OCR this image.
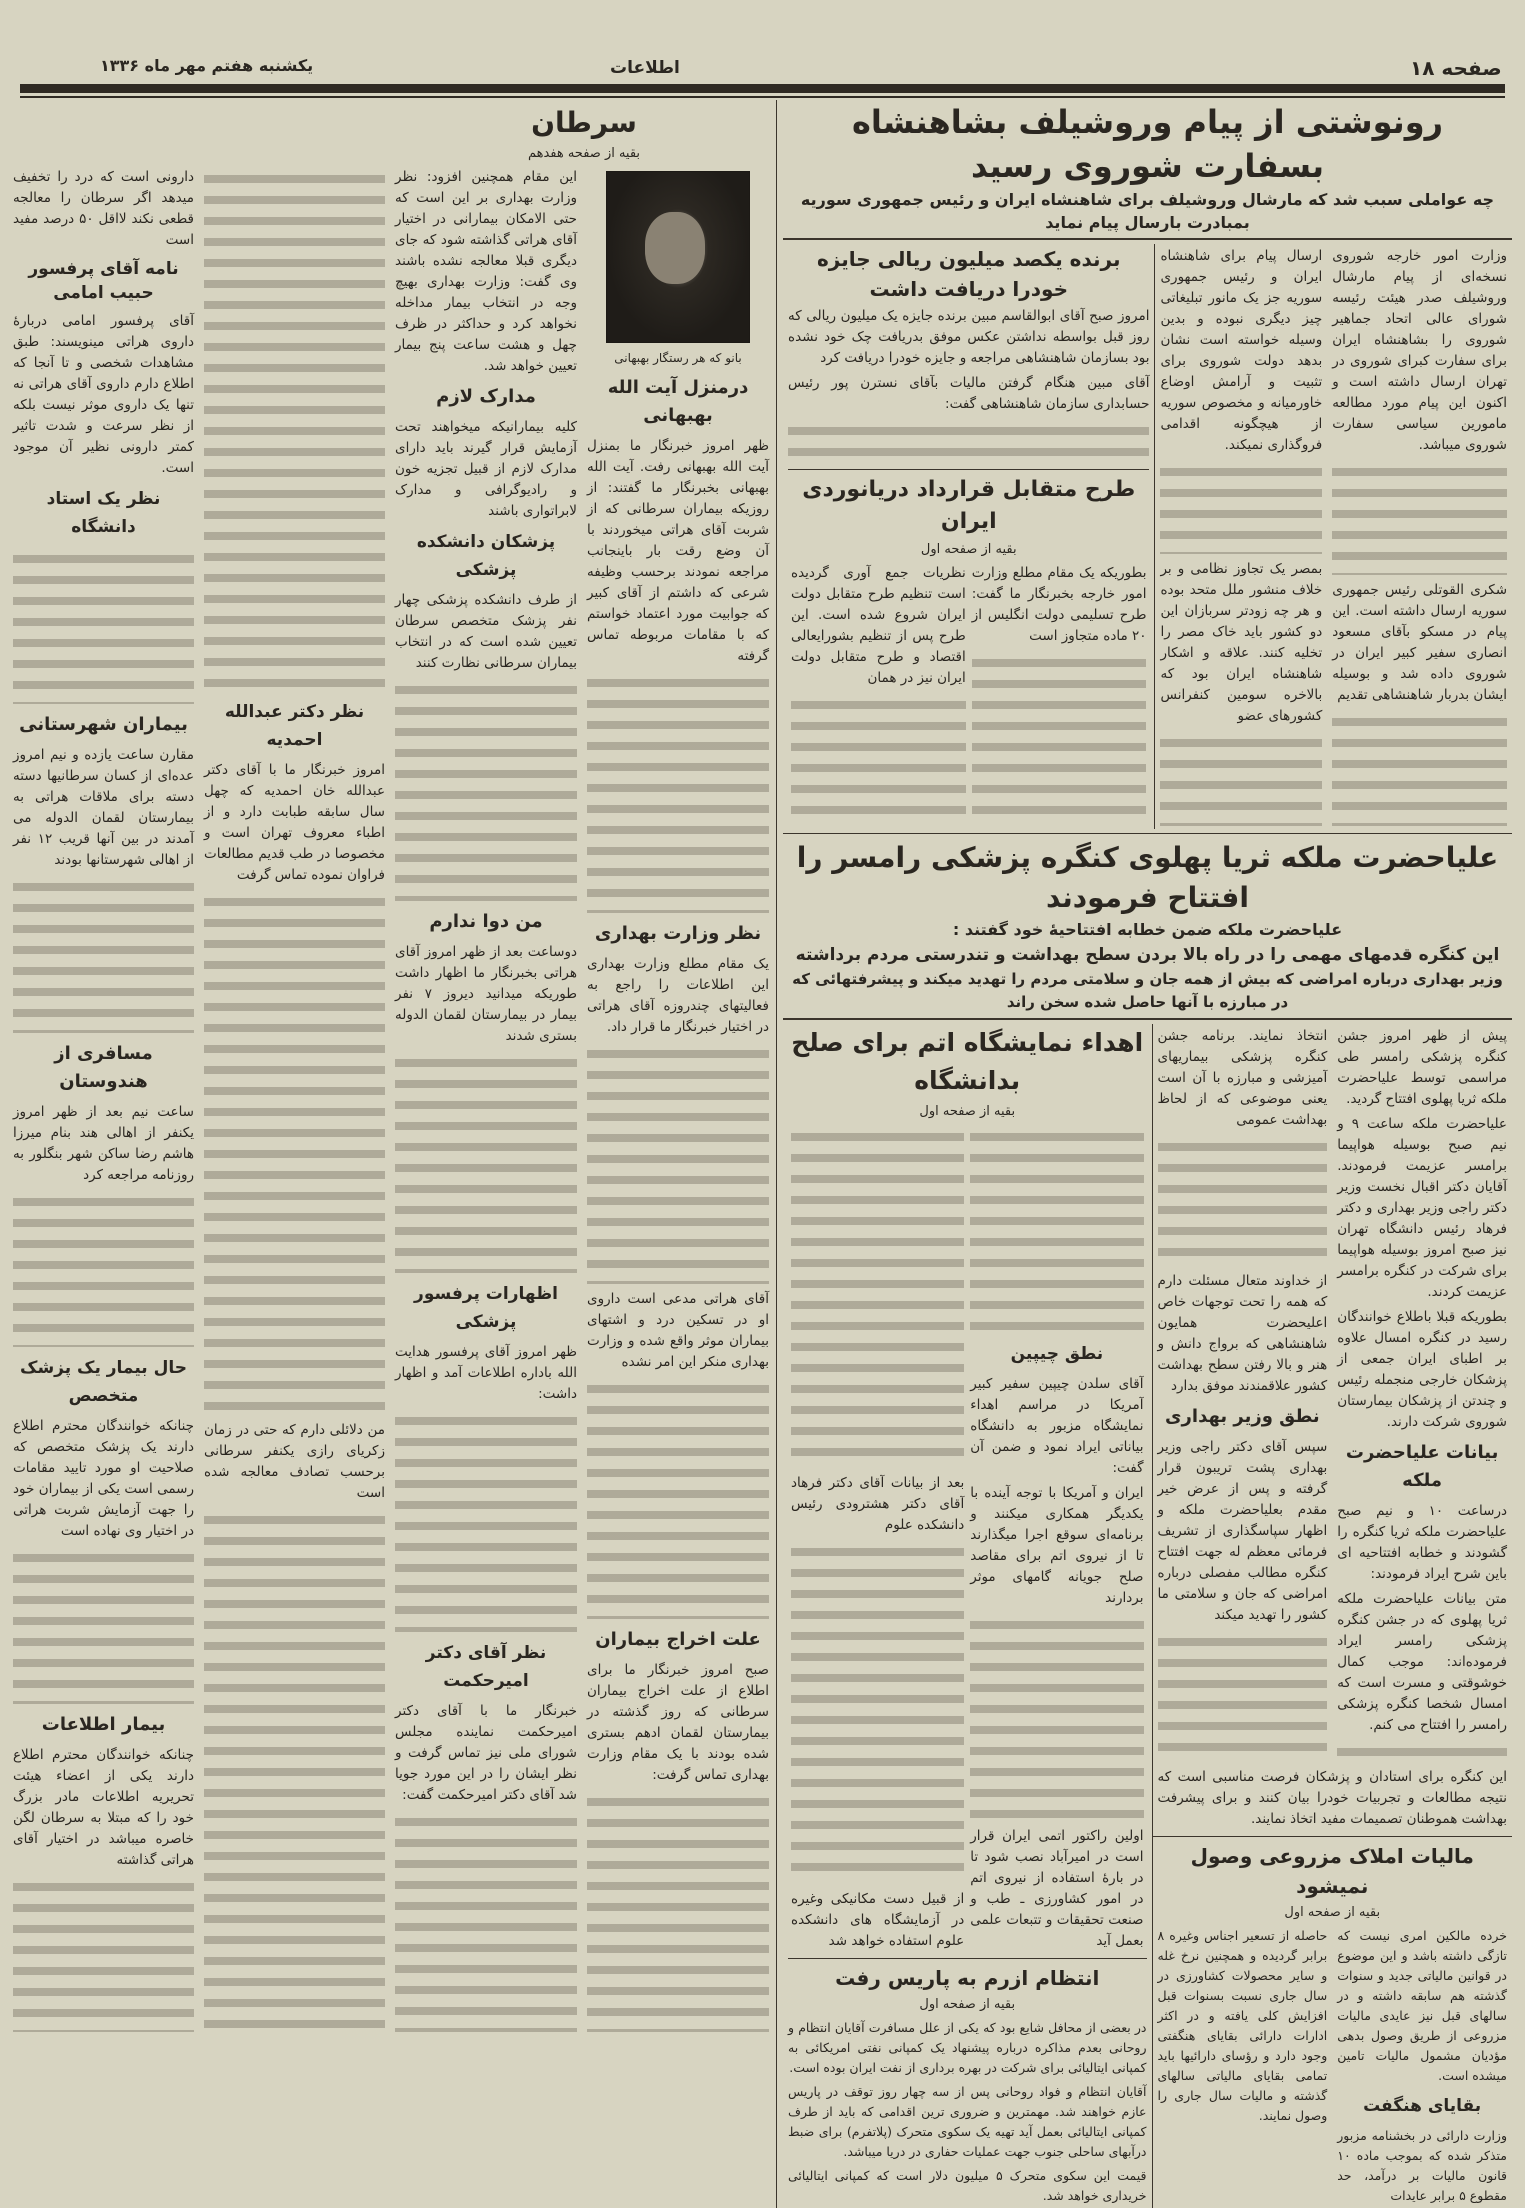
صفحه ۱۸
اطلاعات
یکشنبه هفتم مهر ماه ۱۳۳۶
رونوشتی از پیام وروشیلف بشاهنشاه بسفارت شوروی رسید
چه عواملی سبب شد که مارشال وروشیلف برای شاهنشاه ایران و رئیس جمهوری سوریه بمبادرت بارسال پیام نماید
وزارت امور خارجه شوروی نسخه‌ای از پیام مارشال وروشیلف صدر هیئت رئیسه شورای عالی اتحاد جماهیر شوروی را بشاهنشاه ایران برای سفارت کبرای شوروی در تهران ارسال داشته است و اکنون این پیام مورد مطالعه مامورین سیاسی سفارت شوروی میباشد.
شکری القوتلی رئیس جمهوری سوریه ارسال داشته است. این پیام در مسکو بآقای مسعود انصاری سفیر کبیر ایران در شوروی داده شد و بوسیله ایشان بدربار شاهنشاهی تقدیم
ارسال پیام برای شاهنشاه ایران و رئیس جمهوری سوریه جز یک مانور تبلیغاتی چیز دیگری نبوده و بدین وسیله خواسته است نشان بدهد دولت شوروی برای تثبیت و آرامش اوضاع خاورمیانه و مخصوص سوریه از هیچگونه اقدامی فروگذاری نمیکند.
بمصر یک تجاوز نظامی و بر خلاف منشور ملل متحد بوده و هر چه زودتر سربازان این دو کشور باید خاک مصر را تخلیه کنند. علاقه و اشکار شاهنشاه ایران بود که بالاخره سومین کنفرانس کشورهای عضو
برنده یکصد میلیون ریالی جایزه خودرا دریافت داشت
امروز صبح آقای ابوالقاسم مبین برنده جایزه یک میلیون ریالی که روز قبل بواسطه نداشتن عکس موفق بدریافت چک خود نشده بود بسازمان شاهنشاهی مراجعه و جایزه خودرا دریافت کرد
آقای مبین هنگام گرفتن مالیات بآقای نسترن پور رئیس حسابداری سازمان شاهنشاهی گفت:
طرح متقابل قرارداد دریانوردی ایران
بقیه از صفحه اول
بطوریکه یک مقام مطلع وزارت امور خارجه بخبرنگار ما گفت: طرح تسلیمی دولت انگلیس از ۲۰ ماده متجاوز است
نظریات جمع آوری گردیده است تنظیم طرح متقابل دولت ایران شروع شده است. این طرح پس از تنظیم بشورایعالی اقتصاد و طرح متقابل دولت ایران نیز در همان
علیاحضرت ملکه ثریا پهلوی کنگره پزشکی رامسر را افتتاح فرمودند
علیاحضرت ملکه ضمن خطابه افتتاحیهٔ خود گفتند :
این کنگره قدمهای مهمی را در راه بالا بردن سطح بهداشت و تندرستی مردم برداشته
وزیر بهداری درباره امراضی که بیش از همه جان و سلامتی مردم را تهدید میکند و پیشرفتهائی که
در مبارزه با آنها حاصل شده سخن راند
پیش از ظهر امروز جشن کنگره پزشکی رامسر طی مراسمی توسط علیاحضرت ملکه ثریا پهلوی افتتاح گردید.
علیاحضرت ملکه ساعت ۹ و نیم صبح بوسیله هواپیما برامسر عزیمت فرمودند. آقایان دکتر اقبال نخست وزیر دکتر راجی وزیر بهداری و دکتر فرهاد رئیس دانشگاه تهران نیز صبح امروز بوسیله هواپیما برای شرکت در کنگره برامسر عزیمت کردند.
بطوریکه قبلا باطلاع خوانندگان رسید در کنگره امسال علاوه بر اطبای ایران جمعی از پزشکان خارجی منجمله رئیس و چندتن از پزشکان بیمارستان شوروی شرکت دارند.
بیانات علیاحضرت ملکه
درساعت ۱۰ و نیم صبح علیاحضرت ملکه ثریا کنگره را گشودند و خطابه افتتاحیه ای باین شرح ایراد فرمودند:
متن بیانات علیاحضرت ملکه ثریا پهلوی که در جشن کنگره پزشکی رامسر ایراد فرموده‌اند: موجب کمال خوشوقتی و مسرت است که امسال شخصا کنگره پزشکی رامسر را افتتاح می کنم.
انتخاذ نمایند. برنامه جشن کنگره پزشکی بیماریهای آمیزشی و مبارزه با آن است یعنی موضوعی که از لحاظ بهداشت عمومی
از خداوند متعال مسئلت دارم که همه را تحت توجهات خاص اعلیحضرت همایون شاهنشاهی که برواج دانش و هنر و بالا رفتن سطح بهداشت کشور علاقمندند موفق بدارد
نطق وزیر بهداری
سپس آقای دکتر راجی وزیر بهداری پشت تریبون قرار گرفته و پس از عرض خیر مقدم بعلیاحضرت ملکه و اظهار سپاسگذاری از تشریف فرمائی معظم له جهت افتتاح کنگره مطالب مفصلی درباره امراضی که جان و سلامتی ما کشور را تهدید میکند
این کنگره برای استادان و پزشکان فرصت مناسبی است که نتیجه مطالعات و تجربیات خودرا بیان کنند و برای پیشرفت بهداشت هموطنان تصمیمات مفید اتخاذ نمایند.
مالیات املاک مزروعی وصول نمیشود
بقیه از صفحه اول
خرده مالکین امری نیست که تازگی داشته باشد و این موضوع در قوانین مالیاتی جدید و سنوات گذشته هم سابقه داشته و در سالهای قبل نیز عایدی مالیات مزروعی از طریق وصول بدهی مؤدیان مشمول مالیات تامین میشده است.
بقایای هنگفت
وزارت دارائی در بخشنامه مزبور متذکر شده که بموجب ماده ۱۰ قانون مالیات بر درآمد، حد مقطوع ۵ برابر عایدات
حاصله از تسعیر اجناس وغیره ۸ برابر گردیده و همچنین نرخ غله و سایر محصولات کشاورزی در سال جاری نسبت بسنوات قبل افزایش کلی یافته و در اکثر ادارات دارائی بقایای هنگفتی وجود دارد و رؤسای دارائیها باید تمامی بقایای مالیاتی سالهای گذشته و مالیات سال جاری را وصول نمایند.
اهداء نمایشگاه اتم برای صلح بدانشگاه
بقیه از صفحه اول
نطق چیپین
آقای سلدن چیپین سفیر کبیر آمریکا در مراسم اهداء نمایشگاه مزبور به دانشگاه بیاناتی ایراد نمود و ضمن آن گفت:
ایران و آمریکا با توجه آینده با یکدیگر همکاری میکنند و برنامه‌ای سوقع اجرا میگذارند تا از نیروی اتم برای مقاصد صلح جویانه گامهای موثر بردارند
اولین راکتور اتمی ایران قرار است در امیرآباد نصب شود تا در بارهٔ استفاده از نیروی اتم در امور کشاورزی ـ طب و صنعت تحقیقات و تتبعات علمی بعمل آید
بعد از بیانات آقای دکتر فرهاد آقای دکتر هشترودی رئیس دانشکده علوم
از قبیل دست مکانیکی وغیره در آزمایشگاه های دانشکده علوم استفاده خواهد شد
انتظام ازرم به پاریس رفت
بقیه از صفحه اول
در بعضی از محافل شایع بود که یکی از علل مسافرت آقایان انتظام و روحانی بعدم مذاکره درباره پیشنهاد یک کمپانی نفتی امریکائی به کمپانی ایتالیائی برای شرکت در بهره برداری از نفت ایران بوده است.
آقایان انتظام و فواد روحانی پس از سه چهار روز توقف در پاریس عازم خواهند شد. مهمترین و ضروری ترین اقدامی که باید از طرف کمپانی ایتالیائی بعمل آید تهیه یک سکوی متحرک (پلاتفرم) برای ضبط درآبهای ساحلی جنوب جهت عملیات حفاری در دریا میباشد.
قیمت این سکوی متحرک ۵ میلیون دلار است که کمپانی ایتالیائی خریداری خواهد شد.
سرطان
بقیه از صفحه هفدهم
بانو که هر رستگار بهبهانی
درمنزل آیت الله بهبهانی
ظهر امروز خبرنگار ما بمنزل آیت الله بهبهانی رفت. آیت الله بهبهانی بخبرنگار ما گفتند: از روزیکه بیماران سرطانی که از شربت آقای هراتی میخوردند با آن وضع رقت بار باینجانب مراجعه نمودند برحسب وظیفه شرعی که داشتم از آقای کبیر که جوابیت مورد اعتماد خواستم که با مقامات مربوطه تماس گرفته
نظر وزارت بهداری
یک مقام مطلع وزارت بهداری این اطلاعات را راجع به فعالیتهای چندروزه آقای هراتی در اختیار خبرنگار ما قرار داد.
آقای هراتی مدعی است داروی او در تسکین درد و اشتهای بیماران موثر واقع شده و وزارت بهداری منکر این امر نشده
علت اخراج بیماران
صبح امروز خبرنگار ما برای اطلاع از علت اخراج بیماران سرطانی که روز گذشته در بیمارستان لقمان ادهم بستری شده بودند با یک مقام وزارت بهداری تماس گرفت:
این مقام همچنین افزود: نظر وزارت بهداری بر این است که حتی الامکان بیمارانی در اختیار آقای هراتی گذاشته شود که جای دیگری قبلا معالجه نشده باشند وی گفت: وزارت بهداری بهیچ وجه در انتخاب بیمار مداخله نخواهد کرد و حداکثر در ظرف چهل و هشت ساعت پنج بیمار تعیین خواهد شد.
مدارک لازم
کلیه بیمارانیکه میخواهند تحت آزمایش قرار گیرند باید دارای مدارک لازم از قبیل تجزیه خون و رادیوگرافی و مدارک لابراتواری باشند
پزشکان دانشکده پزشکی
از طرف دانشکده پزشکی چهار نفر پزشک متخصص سرطان تعیین شده است که در انتخاب بیماران سرطانی نظارت کنند
من دوا ندارم
دوساعت بعد از ظهر امروز آقای هراتی بخبرنگار ما اظهار داشت طوریکه میدانید دیروز ۷ نفر بیمار در بیمارستان لقمان الدوله بستری شدند
اظهارات پرفسور پزشکی
ظهر امروز آقای پرفسور هدایت الله باداره اطلاعات آمد و اظهار داشت:
نظر آقای دکتر امیرحکمت
خبرنگار ما با آقای دکتر امیرحکمت نماینده مجلس شورای ملی نیز تماس گرفت و نظر ایشان را در این مورد جویا شد آقای دکتر امیرحکمت گفت:
نظر دکتر عبدالله احمدیه
امروز خبرنگار ما با آقای دکتر عبدالله خان احمدیه که چهل سال سابقه طبابت دارد و از اطباء معروف تهران است و مخصوصا در طب قدیم مطالعات فراوان نموده تماس گرفت
من دلائلی دارم که حتی در زمان زکریای رازی یکنفر سرطانی برحسب تصادف معالجه شده است
دارونی است که درد را تخفیف میدهد اگر سرطان را معالجه قطعی نکند لااقل ۵۰ درصد مفید است
نامه آقای پرفسور حبیب امامی
آقای پرفسور امامی دربارهٔ داروی هراتی مینویسند: طبق مشاهدات شخصی و تا آنجا که اطلاع دارم داروی آقای هراتی نه تنها یک داروی موثر نیست بلکه از نظر سرعت و شدت تاثیر کمتر دارونی نظیر آن موجود است.
نظر یک استاد دانشگاه
بیماران شهرستانی
مقارن ساعت یازده و نیم امروز عده‌ای از کسان سرطانیها دسته دسته برای ملاقات هراتی به بیمارستان لقمان الدوله می آمدند در بین آنها قریب ۱۲ نفر از اهالی شهرستانها بودند
مسافری از هندوستان
ساعت نیم بعد از ظهر امروز یکنفر از اهالی هند بنام میرزا هاشم رضا ساکن شهر بنگلور به روزنامه مراجعه کرد
حال بیمار یک پزشک متخصص
چنانکه خوانندگان محترم اطلاع دارند یک پزشک متخصص که صلاحیت او مورد تایید مقامات رسمی است یکی از بیماران خود را جهت آزمایش شربت هراتی در اختیار وی نهاده است
بیمار اطلاعات
چنانکه خوانندگان محترم اطلاع دارند یکی از اعضاء هیئت تحریریه اطلاعات مادر بزرگ خود را که مبتلا به سرطان لگن خاصره میباشد در اختیار آقای هراتی گذاشته
